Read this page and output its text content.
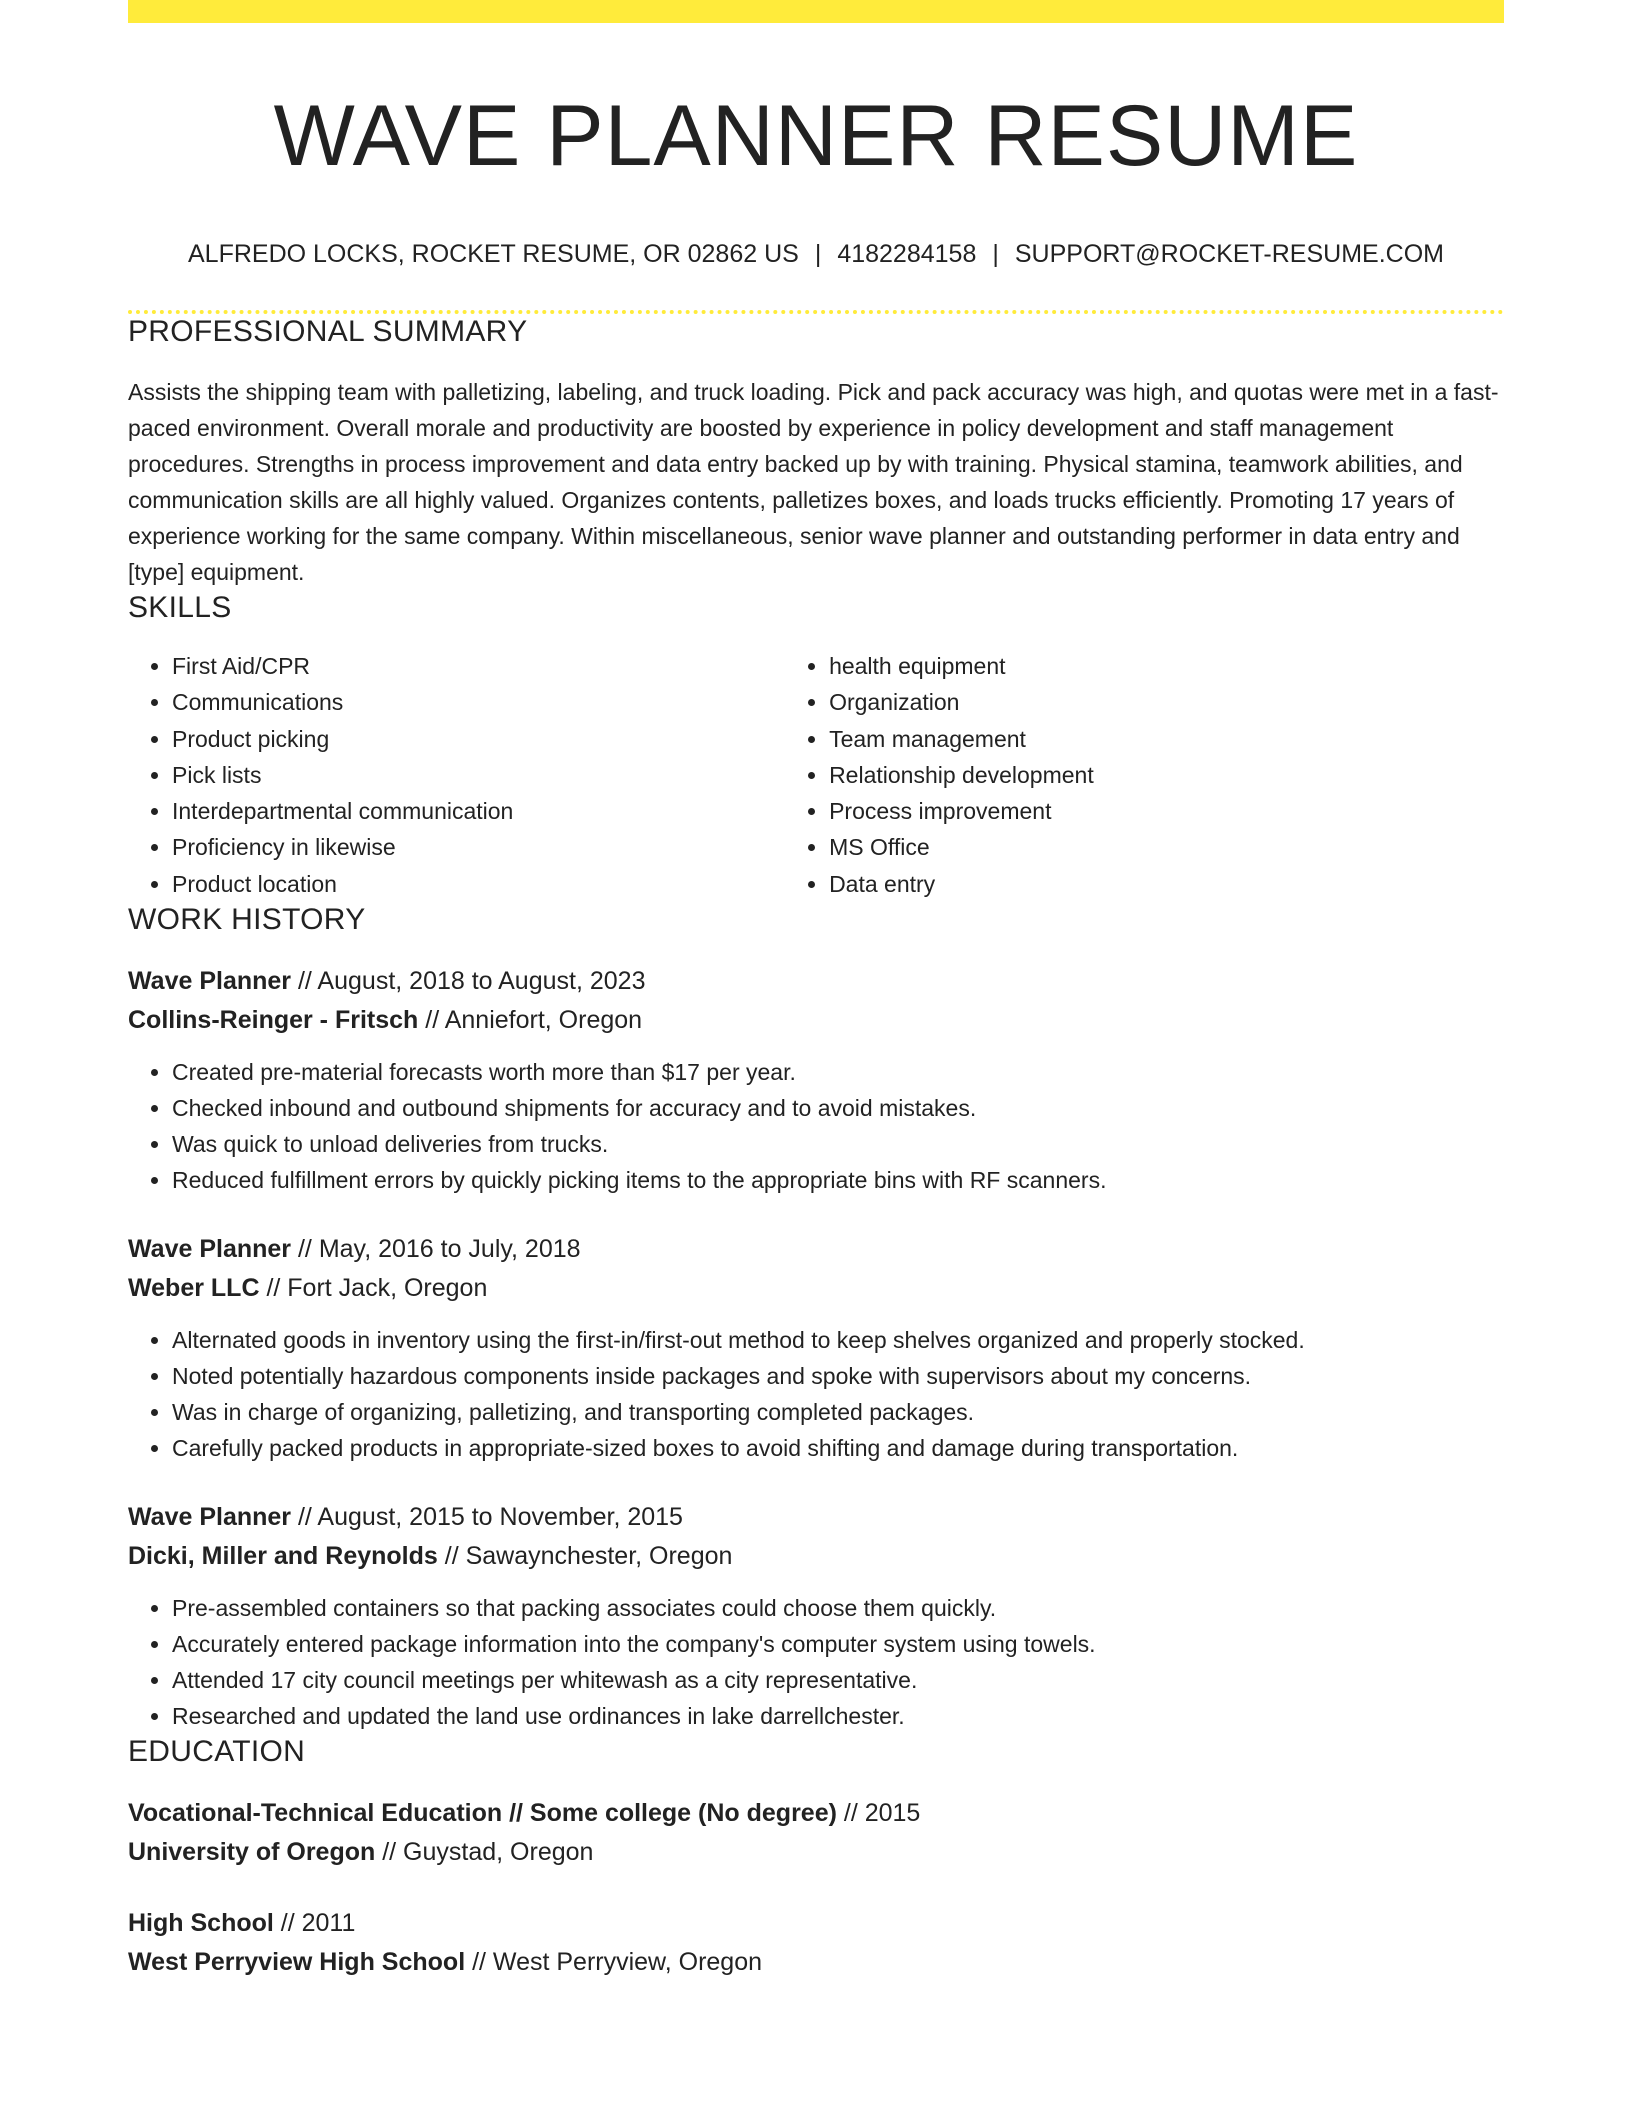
WAVE PLANNER RESUME
ALFREDO LOCKS, ROCKET RESUME, OR 02862 US | 4182284158 | SUPPORT@ROCKET-RESUME.COM
PROFESSIONAL SUMMARY

Assists the shipping team with palletizing, labeling, and truck loading. Pick and pack accuracy was high, and quotas were met in a fast-paced environment. Overall morale and productivity are boosted by experience in policy development and staff management procedures. Strengths in process improvement and data entry backed up by with training. Physical stamina, teamwork abilities, and communication skills are all highly valued. Organizes contents, palletizes boxes, and loads trucks efficiently. Promoting 17 years of experience working for the same company. Within miscellaneous, senior wave planner and outstanding performer in data entry and [type] equipment.

SKILLS
• First Aid/CPR
• Communications
• Product picking
• Pick lists
• Interdepartmental communication
• Proficiency in likewise
• Product location
• health equipment
• Organization
• Team management
• Relationship development
• Process improvement
• MS Office
• Data entry
WORK HISTORY
Wave Planner // August, 2018 to August, 2023
Collins-Reinger - Fritsch // Anniefort, Oregon
• Created pre-material forecasts worth more than $17 per year.
• Checked inbound and outbound shipments for accuracy and to avoid mistakes.
• Was quick to unload deliveries from trucks.
• Reduced fulfillment errors by quickly picking items to the appropriate bins with RF scanners.
Wave Planner // May, 2016 to July, 2018
Weber LLC // Fort Jack, Oregon
• Alternated goods in inventory using the first-in/first-out method to keep shelves organized and properly stocked.
• Noted potentially hazardous components inside packages and spoke with supervisors about my concerns.
• Was in charge of organizing, palletizing, and transporting completed packages.
• Carefully packed products in appropriate-sized boxes to avoid shifting and damage during transportation.
Wave Planner // August, 2015 to November, 2015
Dicki, Miller and Reynolds // Sawaynchester, Oregon
• Pre-assembled containers so that packing associates could choose them quickly.
• Accurately entered package information into the company's computer system using towels.
• Attended 17 city council meetings per whitewash as a city representative.
• Researched and updated the land use ordinances in lake darrellchester.
EDUCATION
Vocational-Technical Education // Some college (No degree) // 2015
University of Oregon // Guystad, Oregon
High School // 2011
West Perryview High School // West Perryview, Oregon
